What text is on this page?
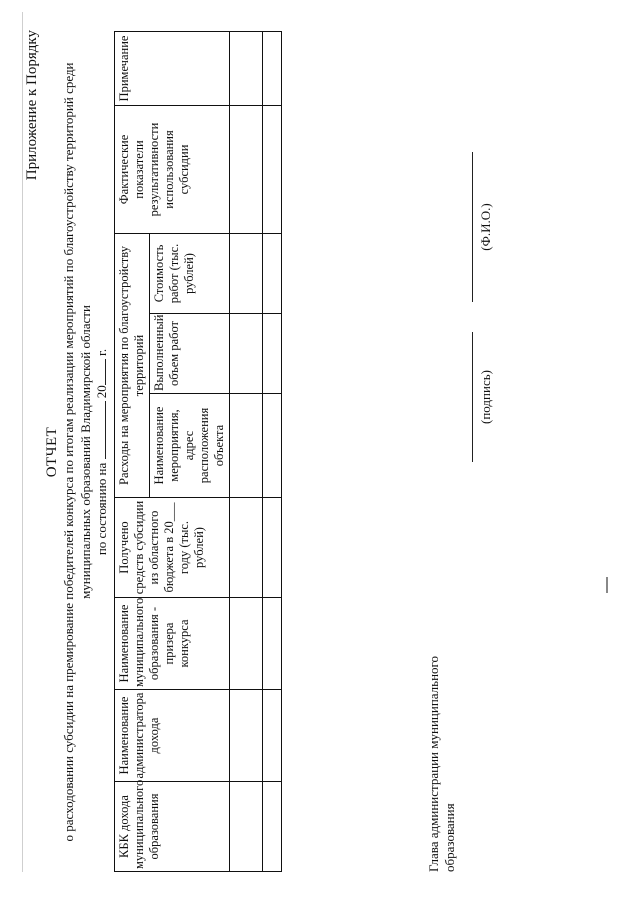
Приложение к Порядку
ОТЧЕТ о расходовании субсидии на премирование победителей конкурса по итогам реализации мероприятий по благоустройству территорий среди муниципальных образований Владимирской области по состоянию на  20 г.
КБК дохода муниципального образования	Наименование администратора дохода	Наименование муниципального образования - призера конкурса	Получено средств субсидии из областного бюджета в 20___ году (тыс. рублей)	Расходы на мероприятия по благоустройству территорий			Фактические показатели результативности использования субсидии	Примечание
				Наименование мероприятия, адрес расположения объекта	Выполненный объем работ	Стоимость работ (тыс. рублей)		

Глава администрации муниципального образования
(подпись)
(Ф.И.О.)
